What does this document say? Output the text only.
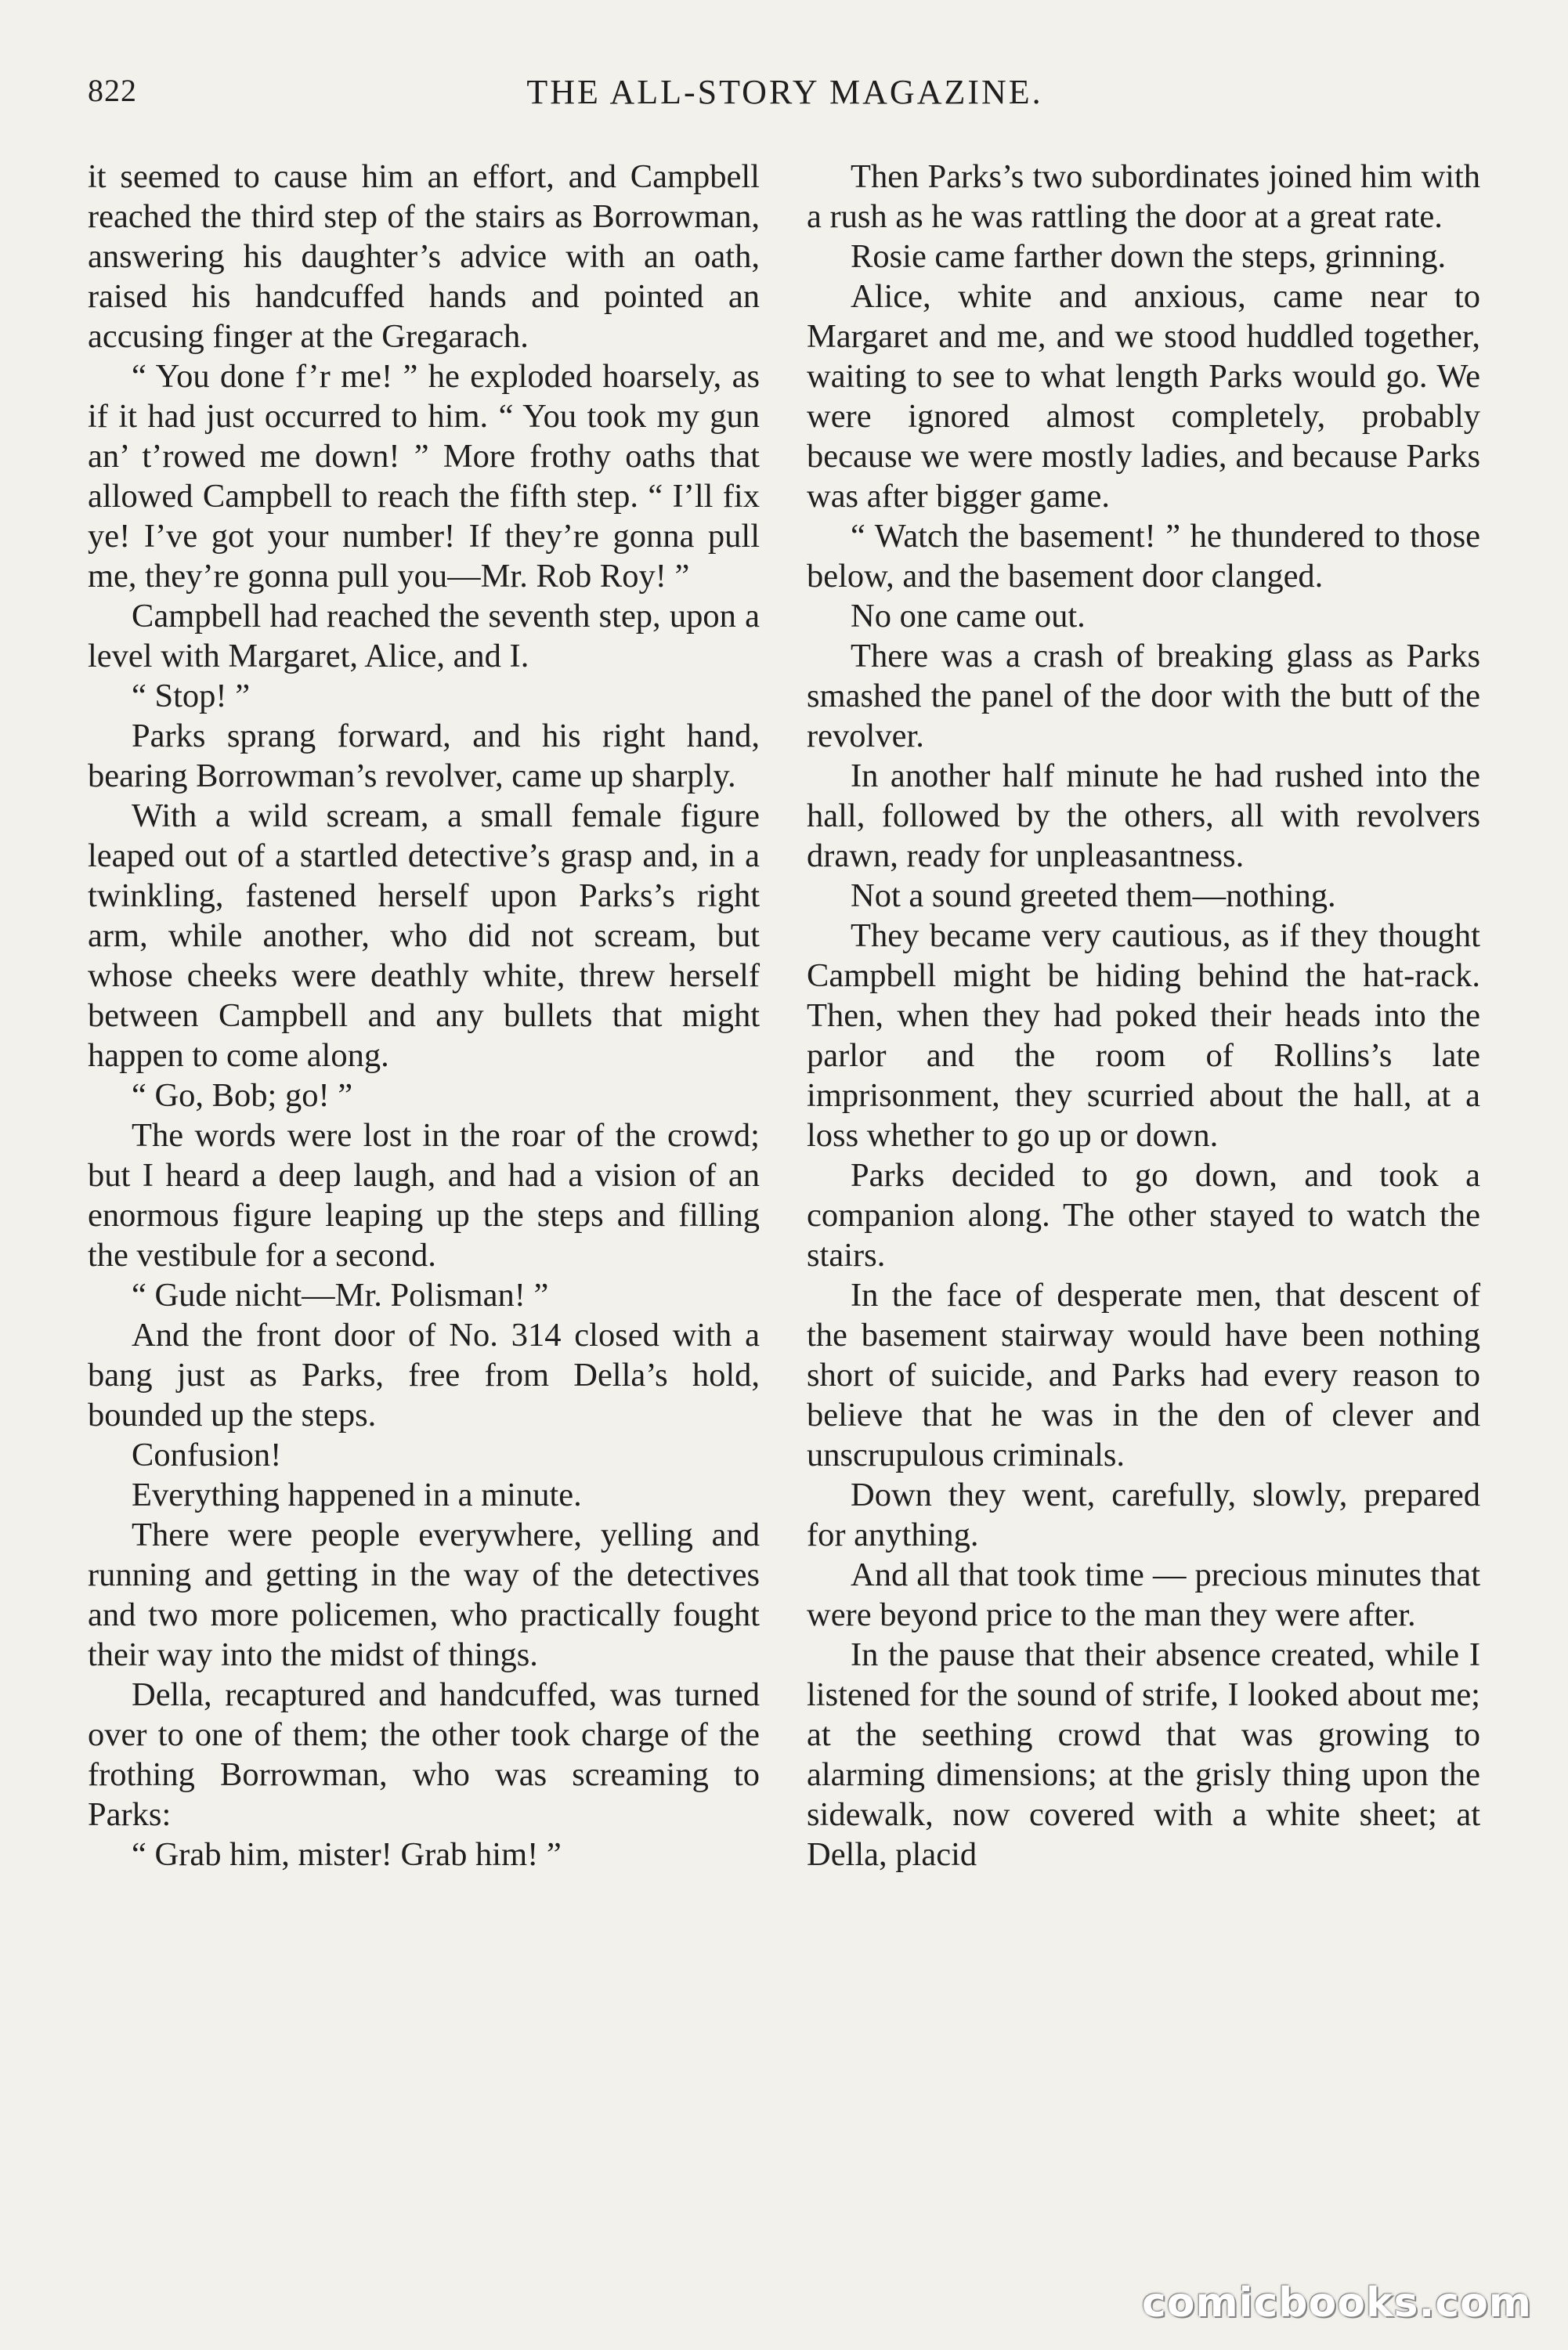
822	THE ALL-STORY MAGAZINE.

it seemed to cause him an effort, and Campbell reached the third step of the stairs as Borrowman, answering his daughter’s advice with an oath, raised his handcuffed hands and pointed an accusing finger at the Gregarach.

“ You done f’r me! ” he exploded hoarsely, as if it had just occurred to him. “ You took my gun an’ t’rowed me down! ” More frothy oaths that allowed Campbell to reach the fifth step. “ I’ll fix ye! I’ve got your number! If they’re gonna pull me, they’re gonna pull you—Mr. Rob Roy! ”

Campbell had reached the seventh step, upon a level with Margaret, Alice, and I.

“ Stop! ”

Parks sprang forward, and his right hand, bearing Borrowman’s revolver, came up sharply.

With a wild scream, a small female figure leaped out of a startled detective’s grasp and, in a twinkling, fastened herself upon Parks’s right arm, while another, who did not scream, but whose cheeks were deathly white, threw herself between Campbell and any bullets that might happen to come along.

“ Go, Bob; go! ”

The words were lost in the roar of the crowd; but I heard a deep laugh, and had a vision of an enormous figure leaping up the steps and filling the vestibule for a second.

“ Gude nicht—Mr. Polisman! ”

And the front door of No. 314 closed with a bang just as Parks, free from Della’s hold, bounded up the steps.

Confusion!

Everything happened in a minute.

There were people everywhere, yelling and running and getting in the way of the detectives and two more policemen, who practically fought their way into the midst of things.

Della, recaptured and handcuffed, was turned over to one of them; the other took charge of the frothing Borrowman, who was screaming to Parks:

“ Grab him, mister! Grab him! ”

Then Parks’s two subordinates joined him with a rush as he was rattling the door at a great rate.

Rosie came farther down the steps, grinning.

Alice, white and anxious, came near to Margaret and me, and we stood huddled together, waiting to see to what length Parks would go. We were ignored almost completely, probably because we were mostly ladies, and because Parks was after bigger game.

“ Watch the basement! ” he thundered to those below, and the basement door clanged.

No one came out.

There was a crash of breaking glass as Parks smashed the panel of the door with the butt of the revolver.

In another half minute he had rushed into the hall, followed by the others, all with revolvers drawn, ready for unpleasantness.

Not a sound greeted them—nothing.

They became very cautious, as if they thought Campbell might be hiding behind the hat-rack. Then, when they had poked their heads into the parlor and the room of Rollins’s late imprisonment, they scurried about the hall, at a loss whether to go up or down.

Parks decided to go down, and took a companion along. The other stayed to watch the stairs.

In the face of desperate men, that descent of the basement stairway would have been nothing short of suicide, and Parks had every reason to believe that he was in the den of clever and unscrupulous criminals.

Down they went, carefully, slowly, prepared for anything.

And all that took time — precious minutes that were beyond price to the man they were after.

In the pause that their absence created, while I listened for the sound of strife, I looked about me; at the seething crowd that was growing to alarming dimensions; at the grisly thing upon the sidewalk, now covered with a white sheet; at Della, placid

comicbooks.com
